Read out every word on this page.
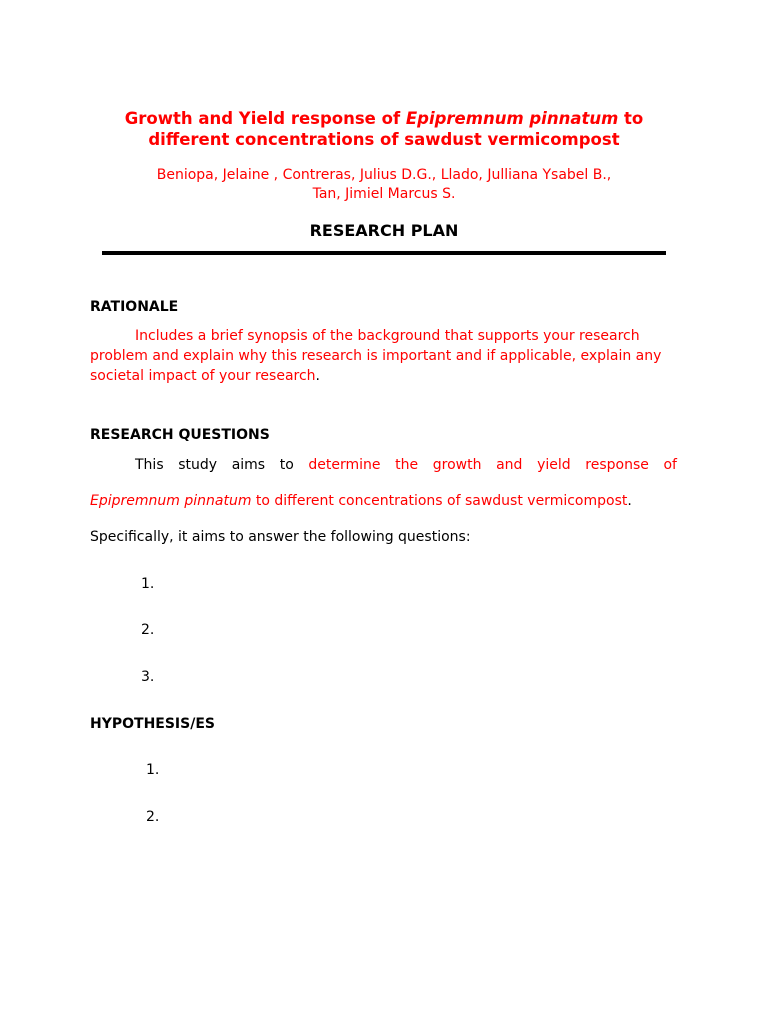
Growth and Yield response of Epipremnum pinnatum to
different concentrations of sawdust vermicompost
Beniopa, Jelaine , Contreras, Julius D.G., Llado, Julliana Ysabel B.,
Tan, Jimiel Marcus S.
RESEARCH PLAN
RATIONALE
Includes a brief synopsis of the background that supports your research problem and explain why this research is important and if applicable, explain any societal impact of your research.
RESEARCH QUESTIONS
This study aims to determine the growth and yield response of
Epipremnum pinnatum to different concentrations of sawdust vermicompost.
Specifically, it aims to answer the following questions:
1.
2.
3.
HYPOTHESIS/ES
1.
2.
